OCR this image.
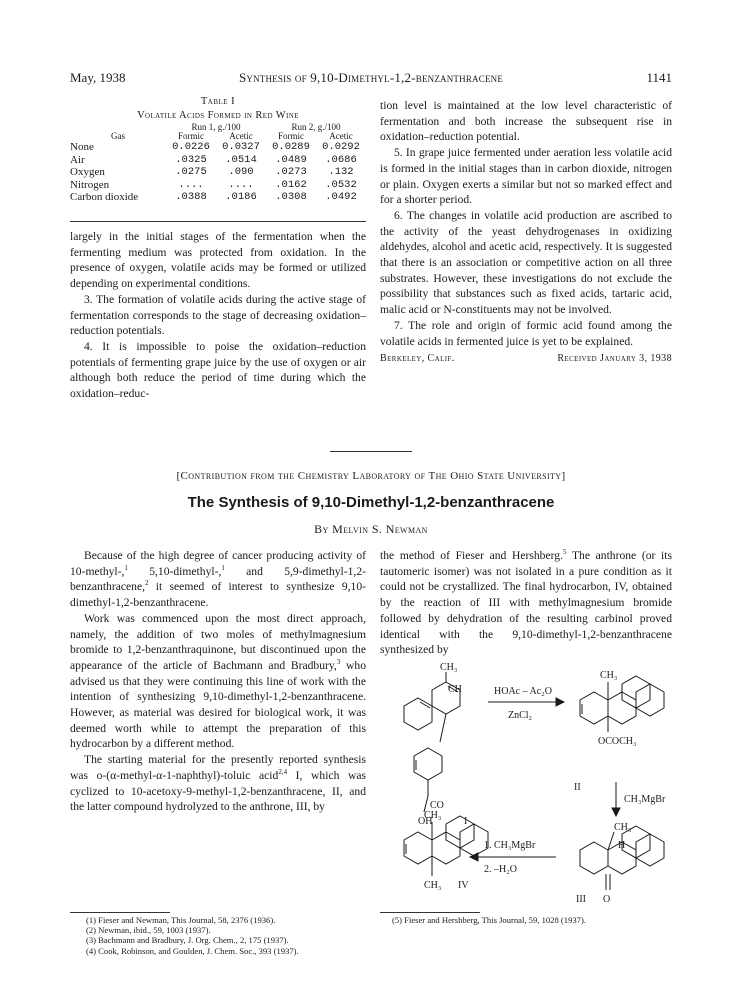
May, 1938	Synthesis of 9,10-Dimethyl-1,2-benzanthracene	1141
Table I
Volatile Acids Formed in Red Wine
	Run 1, g./100		Run 2, g./100	
Gas	Formic	Acetic	Formic	Acetic
None	0.0226	0.0327	0.0289	0.0292
Air	.0325	.0514	.0489	.0686
Oxygen	.0275	.090	.0273	.132
Nitrogen	....	....	.0162	.0532
Carbon dioxide	.0388	.0186	.0308	.0492

largely in the initial stages of the fermentation when the fermenting medium was protected from oxidation. In the presence of oxygen, volatile acids may be formed or utilized depending on experimental conditions.

3. The formation of volatile acids during the active stage of fermentation corresponds to the stage of decreasing oxidation–reduction potentials.

4. It is impossible to poise the oxidation–reduction potentials of fermenting grape juice by the use of oxygen or air although both reduce the period of time during which the oxidation–reduc-

tion level is maintained at the low level characteristic of fermentation and both increase the subsequent rise in oxidation–reduction potential.

5. In grape juice fermented under aeration less volatile acid is formed in the initial stages than in carbon dioxide, nitrogen or plain. Oxygen exerts a similar but not so marked effect and for a shorter period.

6. The changes in volatile acid production are ascribed to the activity of the yeast dehydrogenases in oxidizing aldehydes, alcohol and acetic acid, respectively. It is suggested that there is an association or competitive action on all three substrates. However, these investigations do not exclude the possibility that substances such as fixed acids, tartaric acid, malic acid or N-constituents may not be involved.

7. The role and origin of formic acid found among the volatile acids in fermented juice is yet to be explained.

Berkeley, Calif.	Received January 3, 1938
[Contribution from the Chemistry Laboratory of The Ohio State University]
The Synthesis of 9,10-Dimethyl-1,2-benzanthracene
By Melvin S. Newman

Because of the high degree of cancer producing activity of 10-methyl-,$^1$ 5,10-dimethyl-,$^1$ and 5,9-dimethyl-1,2-benzanthracene,$^2$ it seemed of interest to synthesize 9,10-dimethyl-1,2-benzanthracene.

Work was commenced upon the most direct approach, namely, the addition of two moles of methylmagnesium bromide to 1,2-benzanthraquinone, but discontinued upon the appearance of the article of Bachmann and Bradbury,$^3$ who advised us that they were continuing this line of work with the intention of synthesizing 9,10-dimethyl-1,2-benzanthracene. However, as material was desired for biological work, it was deemed worth while to attempt the preparation of this hydrocarbon by a different method.

The starting material for the presently reported synthesis was o-(α-methyl-α-1-naphthyl)-toluic acid$^{2,4}$ I, which was cyclized to 10-acetoxy-9-methyl-1,2-benzanthracene, II, and the latter compound hydrolyzed to the anthrone, III, by

(1) Fieser and Newman, This Journal, 58, 2376 (1936).
(2) Newman, ibid., 59, 1003 (1937).
(3) Bachmann and Bradbury, J. Org. Chem., 2, 175 (1937).
(4) Cook, Robinson, and Goulden, J. Chem. Soc., 393 (1937).

the method of Fieser and Hershberg.$^5$ The anthrone (or its tautomeric isomer) was not isolated in a pure condition as it could not be crystallized. The final hydrocarbon, IV, obtained by the reaction of III with methylmagnesium bromide followed by dehydration of the resulting carbinol proved identical with the 9,10-dimethyl-1,2-benzanthracene synthesized by

CH₃
CH
CO
OH	I
HOAc – Ac₂O
ZnCl₂
CH₃
II
OCOCH₃
CH₃MgBr
CH₃
H
O
III
1. CH₃MgBr
2. –H₂O
CH₃
CH₃ IV
(5) Fieser and Hershberg, This Journal, 59, 1028 (1937).
